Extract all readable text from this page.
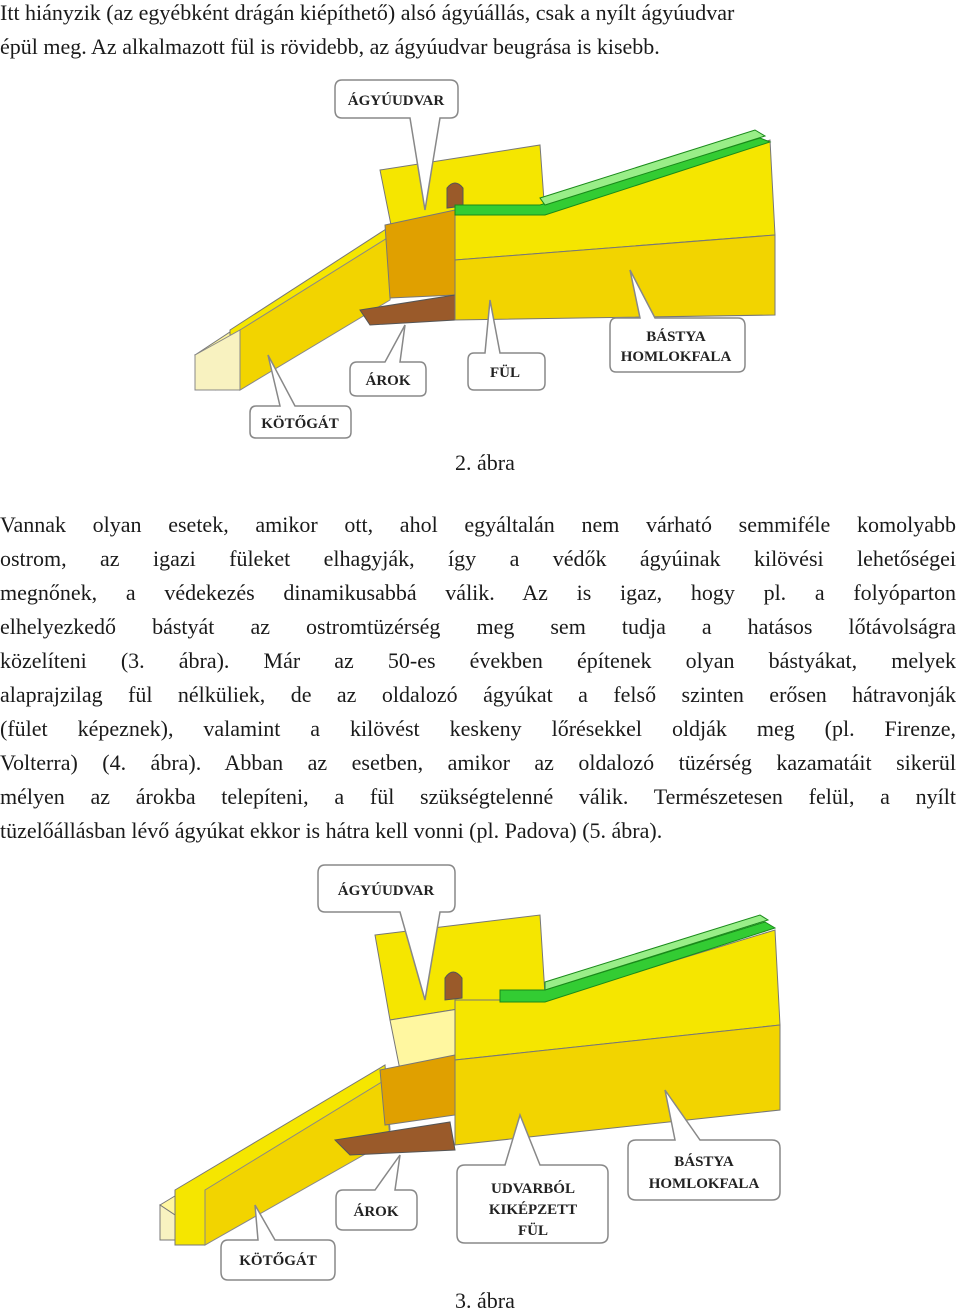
Itt hiányzik (az egyébként drágán kiépíthető) alsó ágyúállás, csak a nyílt ágyúudvar
épül meg. Az alkalmazott fül is rövidebb, az ágyúudvar beugrása is kisebb.
ÁGYÚUDVAR
BÁSTYA
HOMLOKFALA
FÜL
ÁROK
KÖTŐGÁT
2. ábra
Vannak olyan esetek, amikor ott, ahol egyáltalán nem várható semmiféle komolyabb
ostrom, az igazi füleket elhagyják, így a védők ágyúinak kilövési lehetőségei
megnőnek, a védekezés dinamikusabbá válik. Az is igaz, hogy pl. a folyóparton
elhelyezkedő bástyát az ostromtüzérség meg sem tudja a hatásos lőtávolságra
közelíteni (3. ábra). Már az 50-es években építenek olyan bástyákat, melyek
alaprajzilag fül nélküliek, de az oldalozó ágyúkat a felső szinten erősen hátravonják
(fület képeznek), valamint a kilövést keskeny lőrésekkel oldják meg (pl. Firenze,
Volterra) (4. ábra). Abban az esetben, amikor az oldalozó tüzérség kazamatáit sikerül
mélyen az árokba telepíteni, a fül szükségtelenné válik. Természetesen felül, a nyílt
tüzelőállásban lévő ágyúkat ekkor is hátra kell vonni (pl. Padova) (5. ábra).
ÁGYÚUDVAR
BÁSTYA
HOMLOKFALA
UDVARBÓL
KIKÉPZETT
FÜL
ÁROK
KÖTŐGÁT
3. ábra
